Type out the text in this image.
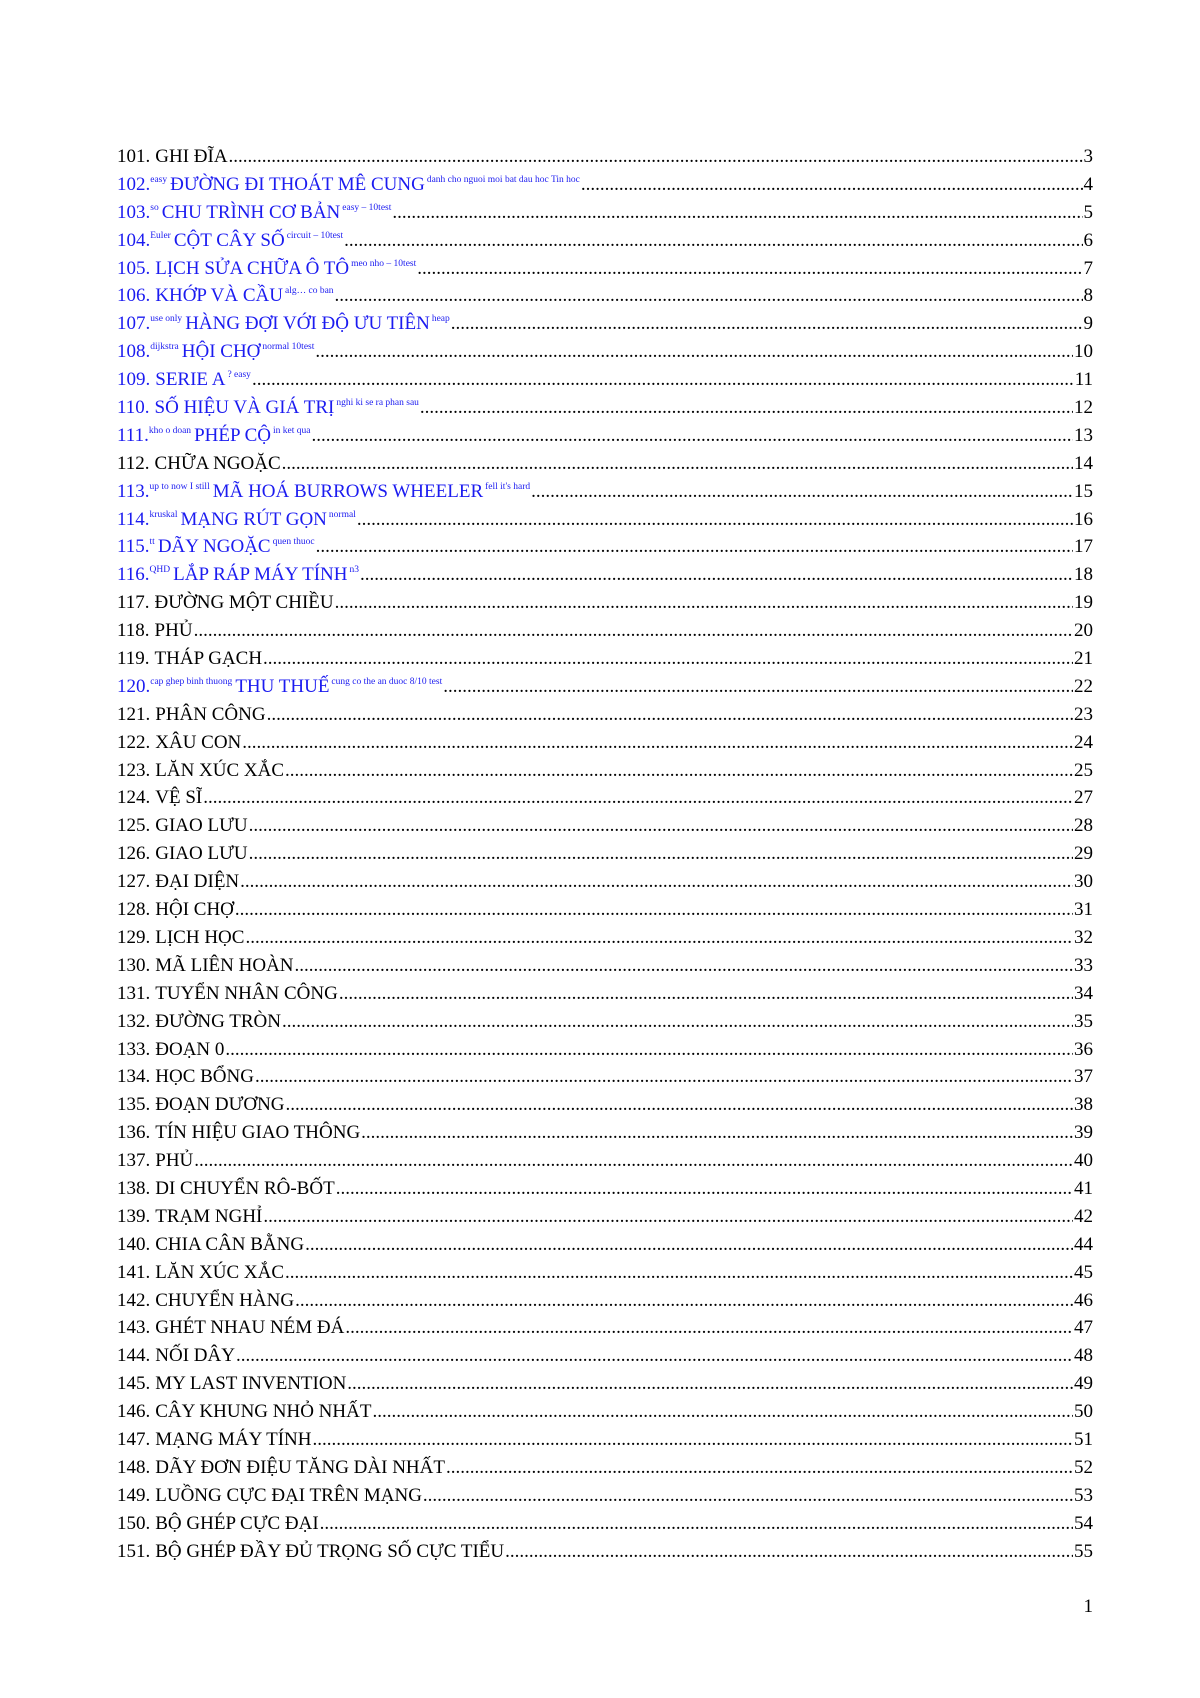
101. GHI ĐĨA .....	3
102. easy ĐƯỜNG ĐI THOÁT MÊ CUNG danh cho nguoi moi bat dau hoc Tin hoc .....	4
103. so CHU TRÌNH CƠ BẢN easy – 10test .....	5
104. Euler CỘT CÂY SỐ circuit – 10test .....	6
105. LỊCH SỬA CHỮA Ô TÔ meo nho – 10test .....	7
106. KHỚP VÀ CẦU alg… co ban .....	8
107. use only HÀNG ĐỢI VỚI ĐỘ ƯU TIÊN heap .....	9
108. dijkstra HỘI CHỢ normal 10test .....	10
109. SERIE A ? easy .....	11
110. SỐ HIỆU VÀ GIÁ TRỊ nghi ki se ra phan sau .....	12
111. kho o doan PHÉP CỘ in ket qua .....	13
112. CHỮA NGOẶC .....	14
113. up to now I still MÃ HOÁ BURROWS WHEELER fell it's hard .....	15
114. kruskal MẠNG RÚT GỌN normal .....	16
115. tt DÃY NGOẶC quen thuoc .....	17
116. QHD LẮP RÁP MÁY TÍNH n3 .....	18
117. ĐƯỜNG MỘT CHIỀU .....	19
118. PHỦ .....	20
119. THÁP GẠCH .....	21
120. cap ghep binh thuong THU THUẾ cung co the an duoc 8/10 test .....	22
121. PHÂN CÔNG .....	23
122. XÂU CON .....	24
123. LĂN XÚC XẮC .....	25
124. VỆ SĨ .....	27
125. GIAO LƯU .....	28
126. GIAO LƯU .....	29
127. ĐẠI DIỆN .....	30
128. HỘI CHỢ .....	31
129. LỊCH HỌC .....	32
130. MÃ LIÊN HOÀN .....	33
131. TUYỂN NHÂN CÔNG .....	34
132. ĐƯỜNG TRÒN .....	35
133. ĐOẠN 0 .....	36
134. HỌC BỔNG .....	37
135. ĐOẠN DƯƠNG .....	38
136. TÍN HIỆU GIAO THÔNG .....	39
137. PHỦ .....	40
138. DI CHUYỂN RÔ-BỐT .....	41
139. TRẠM NGHỈ .....	42
140. CHIA CÂN BẰNG .....	44
141. LĂN XÚC XẮC .....	45
142. CHUYỂN HÀNG .....	46
143. GHÉT NHAU NÉM ĐÁ .....	47
144. NỐI DÂY .....	48
145. MY LAST INVENTION .....	49
146. CÂY KHUNG NHỎ NHẤT .....	50
147. MẠNG MÁY TÍNH .....	51
148. DÃY ĐƠN ĐIỆU TĂNG DÀI NHẤT .....	52
149. LUỒNG CỰC ĐẠI TRÊN MẠNG .....	53
150. BỘ GHÉP CỰC ĐẠI .....	54
151. BỘ GHÉP ĐẦY ĐỦ TRỌNG SỐ CỰC TIỂU .....	55
1
